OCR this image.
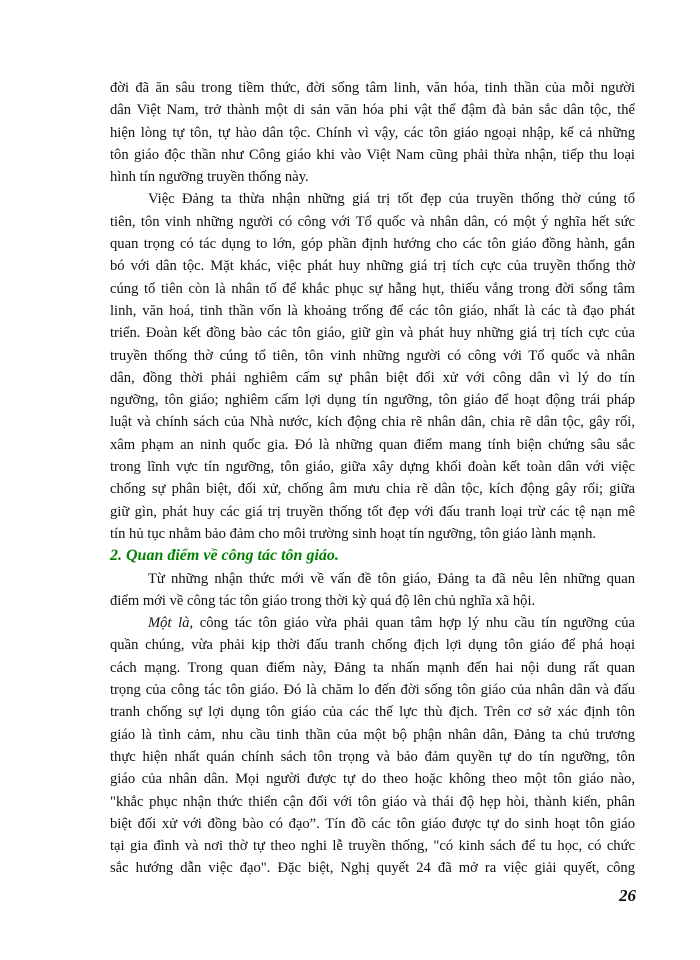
đời đã ăn sâu trong tiềm thức, đời sống tâm linh, văn hóa, tinh thần của mỗi người
dân Việt Nam, trở thành một di sản văn hóa phi vật thể đậm đà bản sắc dân tộc, thể
hiện lòng tự tôn, tự hào dân tộc. Chính vì vậy, các tôn giáo ngoại nhập, kể cả những
tôn giáo độc thần như Công giáo khi vào Việt Nam cũng phải thừa nhận, tiếp thu loại
hình tín ngưỡng truyền thống này.
Việc Đảng ta thừa nhận những giá trị tốt đẹp của truyền thống thờ cúng tổ
tiên, tôn vinh những người có công với Tổ quốc và nhân dân, có một ý nghĩa hết sức
quan trọng có tác dụng to lớn, góp phần định hướng cho các tôn giáo đồng hành, gắn
bó với dân tộc. Mặt khác, việc phát huy những giá trị tích cực của truyền thống thờ
cúng tổ tiên còn là nhân tố để khắc phục sự hẫng hụt, thiếu vắng trong đời sống tâm
linh, văn hoá, tinh thần vốn là khoảng trống để các tôn giáo, nhất là các tà đạo phát
triển. Đoàn kết đồng bào các tôn giáo, giữ gìn và phát huy những giá trị tích cực của
truyền thống thờ cúng tổ tiên, tôn vinh những người có công với Tổ quốc và nhân
dân, đồng thời phải nghiêm cấm sự phân biệt đối xử với công dân vì lý do tín
ngưỡng, tôn giáo; nghiêm cấm lợi dụng tín ngưỡng, tôn giáo để hoạt động trái pháp
luật và chính sách của Nhà nước, kích động chia rẽ nhân dân, chia rẽ dân tộc, gây rối,
xâm phạm an ninh quốc gia. Đó là những quan điểm mang tính biện chứng sâu sắc
trong lĩnh vực tín ngưỡng, tôn giáo, giữa xây dựng khối đoàn kết toàn dân với việc
chống sự phân biệt, đối xử, chống âm mưu chia rẽ dân tộc, kích động gây rối; giữa
giữ gìn, phát huy các giá trị truyền thống tốt đẹp với đấu tranh loại trừ các tệ nạn mê
tín hủ tục nhằm bảo đảm cho môi trường sinh hoạt tín ngưỡng, tôn giáo lành mạnh.
2. Quan điểm về công tác tôn giáo.
Từ những nhận thức mới về vấn đề tôn giáo, Đảng ta đã nêu lên những quan
điểm mới về công tác tôn giáo trong thời kỳ quá độ lên chủ nghĩa xã hội.
Một là, công tác tôn giáo vừa phải quan tâm hợp lý nhu cầu tín ngưỡng của
quần chúng, vừa phải kịp thời đấu tranh chống địch lợi dụng tôn giáo để phá hoại
cách mạng. Trong quan điểm này, Đảng ta nhấn mạnh đến hai nội dung rất quan
trọng của công tác tôn giáo. Đó là chăm lo đến đời sống tôn giáo của nhân dân và đấu
tranh chống sự lợi dụng tôn giáo của các thế lực thù địch. Trên cơ sở xác định tôn
giáo là tình cảm, nhu cầu tinh thần của một bộ phận nhân dân, Đảng ta chủ trương
thực hiện nhất quán chính sách tôn trọng và bảo đảm quyền tự do tín ngưỡng, tôn
giáo của nhân dân. Mọi người được tự do theo hoặc không theo một tôn giáo nào,
"khắc phục nhận thức thiển cận đối với tôn giáo và thái độ hẹp hòi, thành kiến, phân
biệt đối xử với đồng bào có đạo”. Tín đồ các tôn giáo được tự do sinh hoạt tôn giáo
tại gia đình và nơi thờ tự theo nghi lễ truyền thống, "có kinh sách để tu học, có chức
sắc hướng dẫn việc đạo". Đặc biệt, Nghị quyết 24 đã mở ra việc giải quyết, công
26
